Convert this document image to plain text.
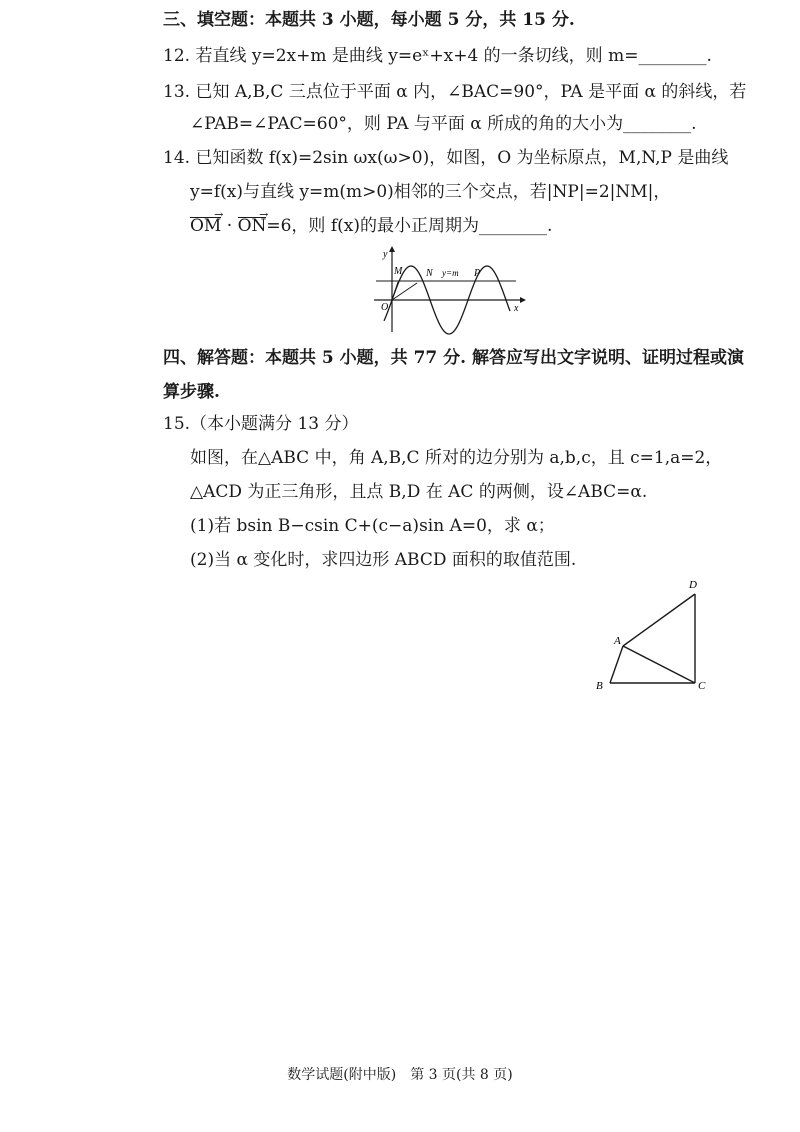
三、填空题：本题共 3 小题，每小题 5 分，共 15 分.
12. 若直线 y=2x+m 是曲线 y=eˣ+x+4 的一条切线，则 m=________.
13. 已知 A,B,C 三点位于平面 α 内，∠BAC=90°，PA 是平面 α 的斜线，若
∠PAB=∠PAC=60°，则 PA 与平面 α 所成的角的大小为________.
14. 已知函数 f(x)=2sin ωx(ω>0)，如图，O 为坐标原点，M,N,P 是曲线
y=f(x)与直线 y=m(m>0)相邻的三个交点，若|NP|=2|NM|，
OM → · ON →=6，则 f(x)的最小正周期为________.
y
x
O
M N y=m P
四、解答题：本题共 5 小题，共 77 分. 解答应写出文字说明、证明过程或演
算步骤.
15.（本小题满分 13 分）
如图，在△ABC 中，角 A,B,C 所对的边分别为 a,b,c，且 c=1,a=2，
△ACD 为正三角形，且点 B,D 在 AC 的两侧，设∠ABC=α.
(1)若 bsin B−csin C+(c−a)sin A=0，求 α；
(2)当 α 变化时，求四边形 ABCD 面积的取值范围.
A
B	C
D
数学试题(附中版)　第 3 页(共 8 页)
